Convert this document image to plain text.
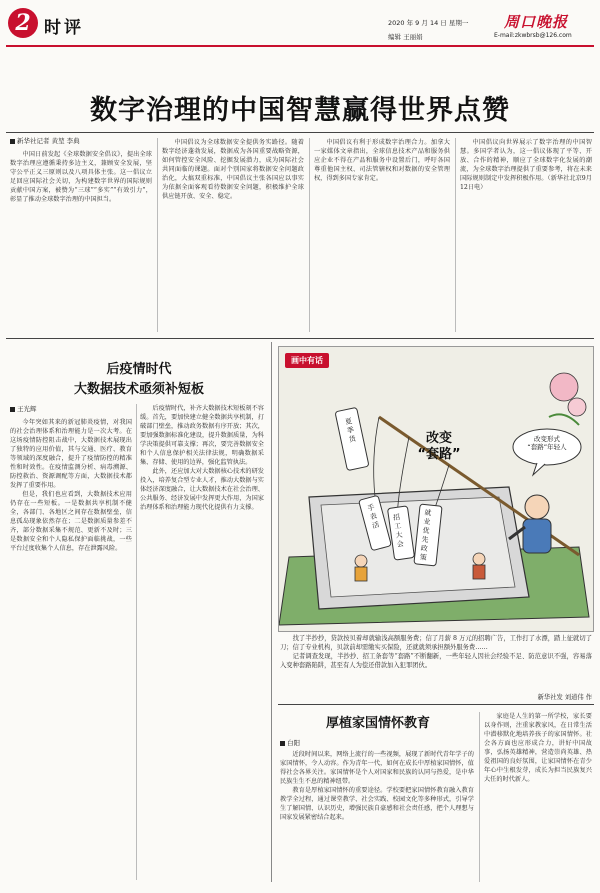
2 时评	2020 年 9 月 14 日 星期一
编辑 王丽娟
周口晚报
E-mail:zkwbrsb@126.com
数字治理的中国智慧赢得世界点赞
新华社记者 黄堃 李典

中国日前发起《全球数据安全倡议》，提出全球数字治理应遵循秉持多边主义，兼顾安全发展，坚守公平正义三原则以及八项具体主张。这一倡议立足回应国际社会关切，为构建数字世界的国际规则贡献中国方案，被赞为“三球”“多实”“有效引力”，彰显了推动全球数字治理的中国担当。

中国倡议为全球数据安全提供务实路径。随着数字经济蓬勃发展，数据成为各国重要战略资源，如何管控安全风险、挖掘发展潜力，成为国际社会共同面临的课题。面对个别国家将数据安全问题政治化，大搞双重标准，中国倡议主张各国应以事实为依据全面客观看待数据安全问题，积极维护全球供应链开放、安全、稳定。

中国倡议有利于形成数字治理合力。加拿大一家媒体文章指出，全球信息技术产品和服务供应企业不得在产品和服务中设置后门，呼吁各国尊重他国主权、司法管辖权和对数据的安全管理权，得到多国专家肯定。

中国倡议向世界展示了数字治理的中国智慧。多国学者认为，这一倡议体现了平等、开放、合作的精神，顺应了全球数字化发展的潮流，为全球数字治理提供了重要参考，将在未来国际规则制定中发挥积极作用。（新华社北京9月12日电）

后疫情时代
大数据技术亟须补短板
王光辉

今年突如其来的新冠肺炎疫情，对我国的社会治理体系和治理能力是一次大考。在这场疫情防控阻击战中，大数据技术展现出了独特的应用价值，其与交通、医疗、教育等领域的深度融合，提升了疫情防控的精准性和时效性。在疫情监测分析、病毒溯源、防控救治、资源调配等方面，大数据技术都发挥了重要作用。

但是，我们也应看到，大数据技术应用仍存在一些短板。一是数据共享机制不健全，各部门、各地区之间存在数据壁垒，信息孤岛现象依然存在；二是数据质量参差不齐，部分数据采集不规范、更新不及时；三是数据安全和个人隐私保护面临挑战，一些平台过度收集个人信息，存在泄露风险。

后疫情时代，补齐大数据技术短板刻不容缓。首先，要加快建立健全数据共享机制，打破部门壁垒，推动政务数据有序开放；其次，要加强数据标准化建设，提升数据质量，为科学决策提供可靠支撑；再次，要完善数据安全和个人信息保护相关法律法规，明确数据采集、存储、使用的边界，强化监管执法。

此外，还应加大对大数据核心技术的研发投入，培养复合型专业人才，推动大数据与实体经济深度融合，让大数据技术在社会治理、公共服务、经济发展中发挥更大作用，为国家治理体系和治理能力现代化提供有力支撑。

画中有话
改变
“套路”
改变形式
“套路”年轻人
夏季货
手表活
招工大会
就业优先政策

找了半抄抄，贷款按贝着却就输浅高额服务费；信了月薪 8 万元的招聘广告，工作打了水漂，踏上征就切了刀；信了专业机构，贝款前却需缴实买保险，还就就须承担额外服务费……

记者调查发现，半抄抄、招工条套等“套路”不断翻新，一些年轻人因社会经验不足、防范意识不强，容易落入变种套路陷阱，甚至有人为偿还借款加入犯罪团伙。

新华社发 刘道伟 作
厚植家国情怀教育
白阳

近段时间以来，网络上流行的一些视频，展现了新时代青年学子的家国情怀，令人动容。作为青年一代，如何在成长中厚植家国情怀，值得社会各界关注。家国情怀是个人对国家和民族的认同与热爱，是中华民族生生不息的精神纽带。

教育是厚植家国情怀的重要途径。学校要把家国情怀教育融入教育教学全过程，通过课堂教学、社会实践、校园文化等多种形式，引导学生了解国情、认识历史，增强民族自豪感和社会责任感，把个人理想与国家发展紧密结合起来。

家庭是人生的第一所学校，家长要以身作则，注重家教家风，在日常生活中潜移默化地培养孩子的家国情怀。社会各方面也应形成合力，讲好中国故事，弘扬英雄精神，营造崇尚英雄、热爱祖国的良好氛围，让家国情怀在青少年心中生根发芽，成长为担当民族复兴大任的时代新人。
